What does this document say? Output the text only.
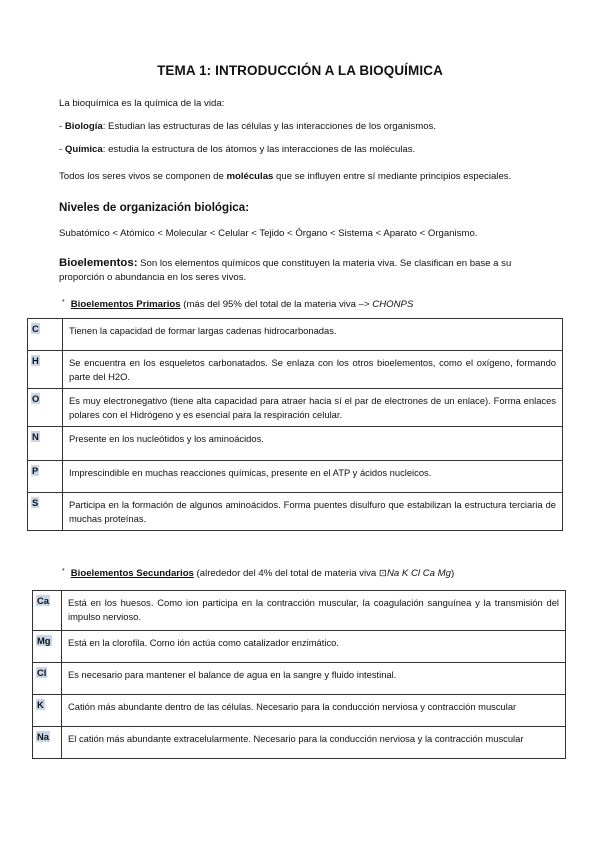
TEMA 1: INTRODUCCIÓN A LA BIOQUÍMICA
La bioquímica es la química de la vida:
- Biología: Estudian las estructuras de las células y las interacciones de los organismos.
- Química: estudia la estructura de los átomos y las interacciones de las moléculas.
Todos los seres vivos se componen de moléculas que se influyen entre sí mediante principios especiales.
Niveles de organización biológica:
Subatómico < Atómico < Molecular < Celular < Tejido < Órgano < Sistema < Aparato < Organismo.
Bioelementos: Son los elementos químicos que constituyen la materia viva. Se clasifican en base a su
proporción o abundancia en los seres vivos.
* Bioelementos Primarios (más del 95% del total de la materia viva –> CHONPS
C	Tienen la capacidad de formar largas cadenas hidrocarbonadas.
H	Se encuentra en los esqueletos carbonatados. Se enlaza con los otros bioelementos, como el oxígeno, formando parte del H2O.
O	Es muy electronegativo (tiene alta capacidad para atraer hacia sí el par de electrones de un enlace). Forma enlaces polares con el Hidrógeno y es esencial para la respiración celular.
N	Presente en los nucleótidos y los aminoácidos.
P	Imprescindible en muchas reacciones químicas, presente en el ATP y ácidos nucleicos.
S	Participa en la formación de algunos aminoácidos. Forma puentes disulfuro que estabilizan la estructura terciaria de muchas proteínas.
* Bioelementos Secundarios (alrededor del 4% del total de materia viva ⊡Na K Cl Ca Mg)
Ca	Está en los huesos. Como ion participa en la contracción muscular, la coagulación sanguínea y la transmisión del impulso nervioso.
Mg	Está en la clorofila. Como ión actúa como catalizador enzimático.
Cl	Es necesario para mantener el balance de agua en la sangre y fluido intestinal.
K	Catión más abundante dentro de las células. Necesario para la conducción nerviosa y contracción muscular
Na	El catión más abundante extracelularmente. Necesario para la conducción nerviosa y la contracción muscular
